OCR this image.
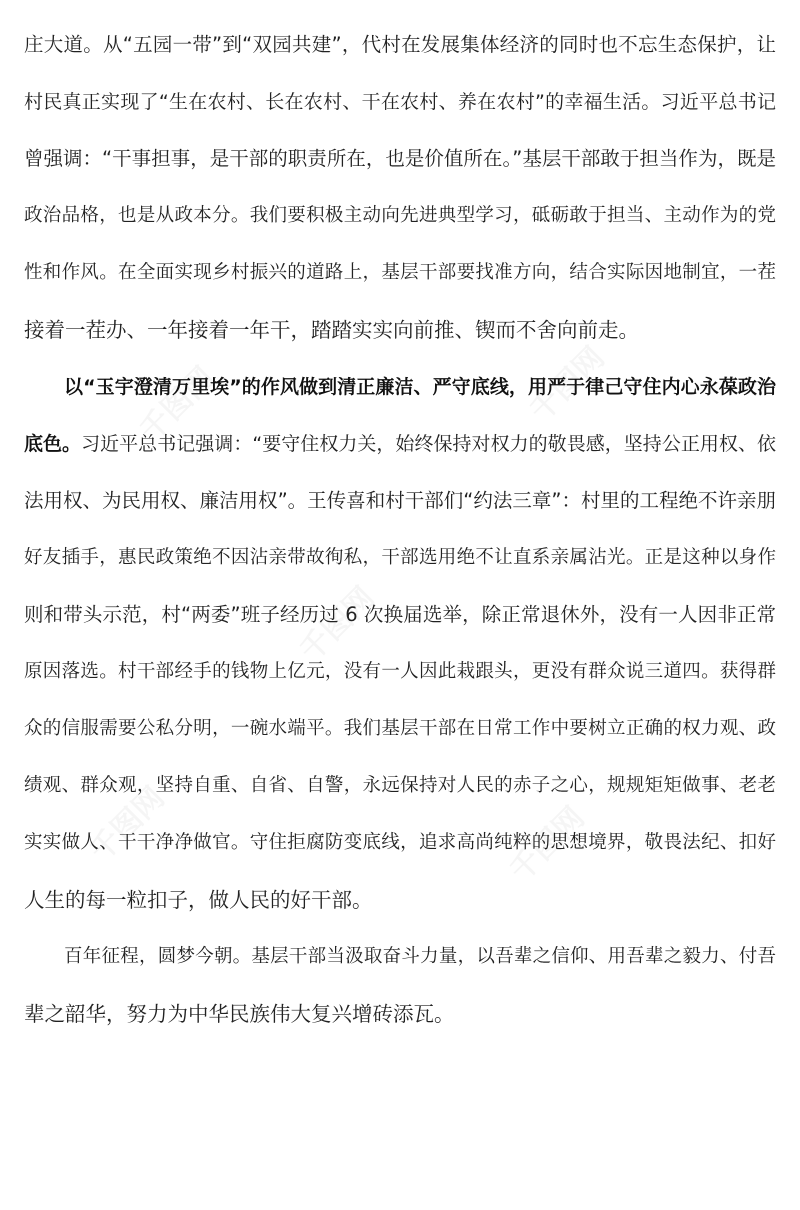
庄大道。从“五园一带”到“双园共建”，代村在发展集体经济的同时也不忘生态保护，让
村民真正实现了“生在农村、长在农村、干在农村、养在农村”的幸福生活。习近平总书记
曾强调：“干事担事，是干部的职责所在，也是价值所在。”基层干部敢于担当作为，既是
政治品格，也是从政本分。我们要积极主动向先进典型学习，砥砺敢于担当、主动作为的党
性和作风。在全面实现乡村振兴的道路上，基层干部要找准方向，结合实际因地制宜，一茬
接着一茬办、一年接着一年干，踏踏实实向前推、锲而不舍向前走。
以“玉宇澄清万里埃”的作风做到清正廉洁、严守底线，用严于律己守住内心永葆政治
底色。习近平总书记强调：“要守住权力关，始终保持对权力的敬畏感，坚持公正用权、依
法用权、为民用权、廉洁用权”。王传喜和村干部们“约法三章”：村里的工程绝不许亲朋
好友插手，惠民政策绝不因沾亲带故徇私，干部选用绝不让直系亲属沾光。正是这种以身作
则和带头示范，村“两委”班子经历过 6 次换届选举，除正常退休外，没有一人因非正常
原因落选。村干部经手的钱物上亿元，没有一人因此栽跟头，更没有群众说三道四。获得群
众的信服需要公私分明，一碗水端平。我们基层干部在日常工作中要树立正确的权力观、政
绩观、群众观，坚持自重、自省、自警，永远保持对人民的赤子之心，规规矩矩做事、老老
实实做人、干干净净做官。守住拒腐防变底线，追求高尚纯粹的思想境界，敬畏法纪、扣好
人生的每一粒扣子，做人民的好干部。
百年征程，圆梦今朝。基层干部当汲取奋斗力量，以吾辈之信仰、用吾辈之毅力、付吾
辈之韶华，努力为中华民族伟大复兴增砖添瓦。
